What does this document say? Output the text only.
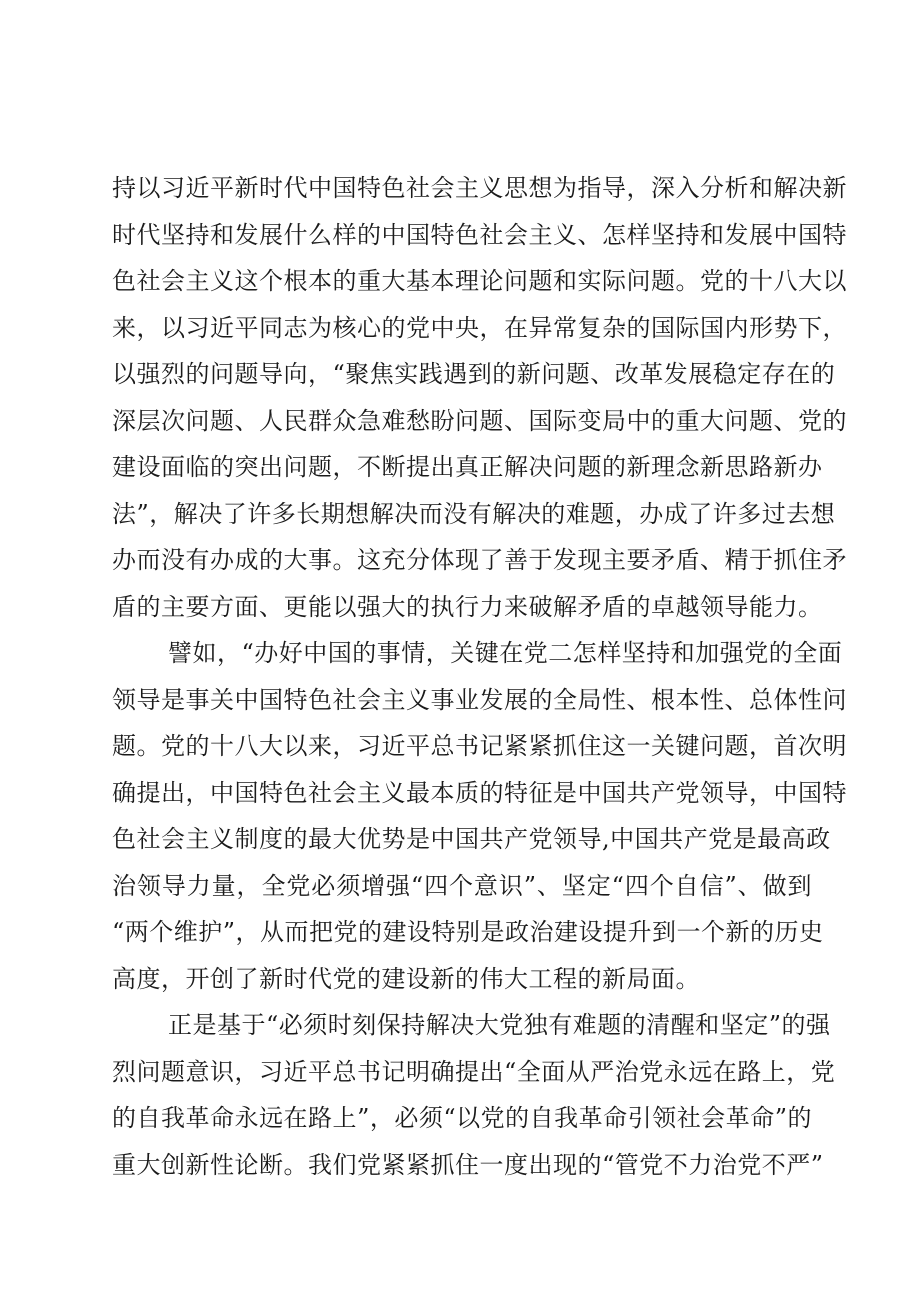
持以习近平新时代中国特色社会主义思想为指导，深入分析和解决新
时代坚持和发展什么样的中国特色社会主义、怎样坚持和发展中国特
色社会主义这个根本的重大基本理论问题和实际问题。党的十八大以
来，以习近平同志为核心的党中央，在异常复杂的国际国内形势下，
以强烈的问题导向，“聚焦实践遇到的新问题、改革发展稳定存在的
深层次问题、人民群众急难愁盼问题、国际变局中的重大问题、党的
建设面临的突出问题，不断提出真正解决问题的新理念新思路新办
法”，解决了许多长期想解决而没有解决的难题，办成了许多过去想
办而没有办成的大事。这充分体现了善于发现主要矛盾、精于抓住矛
盾的主要方面、更能以强大的执行力来破解矛盾的卓越领导能力。
譬如，“办好中国的事情，关键在党二怎样坚持和加强党的全面
领导是事关中国特色社会主义事业发展的全局性、根本性、总体性问
题。党的十八大以来，习近平总书记紧紧抓住这一关键问题，首次明
确提出，中国特色社会主义最本质的特征是中国共产党领导，中国特
色社会主义制度的最大优势是中国共产党领导,中国共产党是最高政
治领导力量，全党必须增强“四个意识”、坚定“四个自信”、做到
“两个维护”，从而把党的建设特别是政治建设提升到一个新的历史
高度，开创了新时代党的建设新的伟大工程的新局面。
正是基于“必须时刻保持解决大党独有难题的清醒和坚定”的强
烈问题意识，习近平总书记明确提出“全面从严治党永远在路上，党
的自我革命永远在路上”，必须“以党的自我革命引领社会革命”的
重大创新性论断。我们党紧紧抓住一度出现的“管党不力治党不严”
